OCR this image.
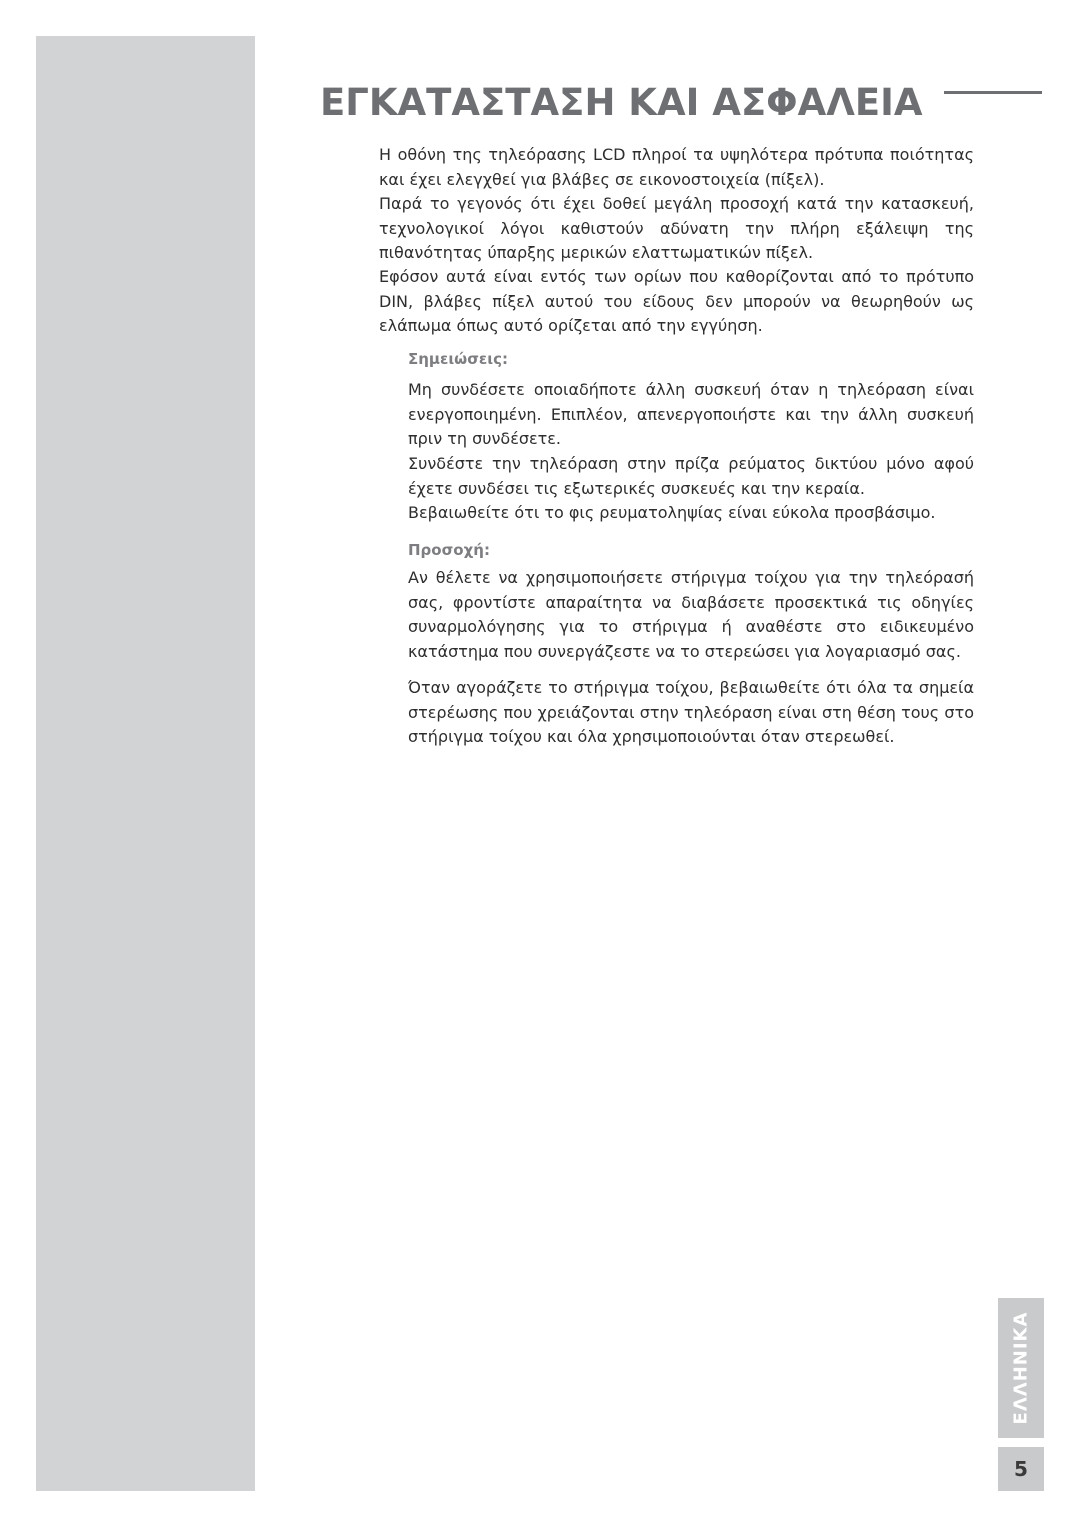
ΕΓΚΑΤΑΣΤΑΣΗ ΚΑΙ ΑΣΦΑΛΕΙΑ

Η οθόνη της τηλεόρασης LCD πληροί τα υψηλότερα πρότυπα ποιότητας και έχει ελεγχθεί για βλάβες σε εικονοστοιχεία (πίξελ).

Παρά το γεγονός ότι έχει δοθεί μεγάλη προσοχή κατά την κατασκευή, τεχνολογικοί λόγοι καθιστούν αδύνατη την πλήρη εξάλειψη της πιθανότητας ύπαρξης μερικών ελαττωματικών πίξελ.

Εφόσον αυτά είναι εντός των ορίων που καθορίζονται από το πρότυπο DIN, βλάβες πίξελ αυτού του είδους δεν μπορούν να θεωρηθούν ως ελάπωμα όπως αυτό ορίζεται από την εγγύηση.

Σημειώσεις:

Μη συνδέσετε οποιαδήποτε άλλη συσκευή όταν η τηλεόραση είναι ενεργοποιημένη. Επιπλέον, απενεργοποιήστε και την άλλη συσκευή πριν τη συνδέσετε.

Συνδέστε την τηλεόραση στην πρίζα ρεύματος δικτύου μόνο αφού έχετε συνδέσει τις εξωτερικές συσκευές και την κεραία.

Βεβαιωθείτε ότι το φις ρευματοληψίας είναι εύκολα προσβάσιμο.

Προσοχή:

Αν θέλετε να χρησιμοποιήσετε στήριγμα τοίχου για την τηλεόρασή σας, φροντίστε απαραίτητα να διαβάσετε προσεκτικά τις οδηγίες συναρμολόγησης για το στήριγμα ή αναθέστε στο ειδικευμένο κατάστημα που συνεργάζεστε να το στερεώσει για λογαριασμό σας.

Όταν αγοράζετε το στήριγμα τοίχου, βεβαιωθείτε ότι όλα τα σημεία στερέωσης που χρειάζονται στην τηλεόραση είναι στη θέση τους στο στήριγμα τοίχου και όλα χρησιμοποιούνται όταν στερεωθεί.

ΕΛΛΗΝΙΚΑ
5
